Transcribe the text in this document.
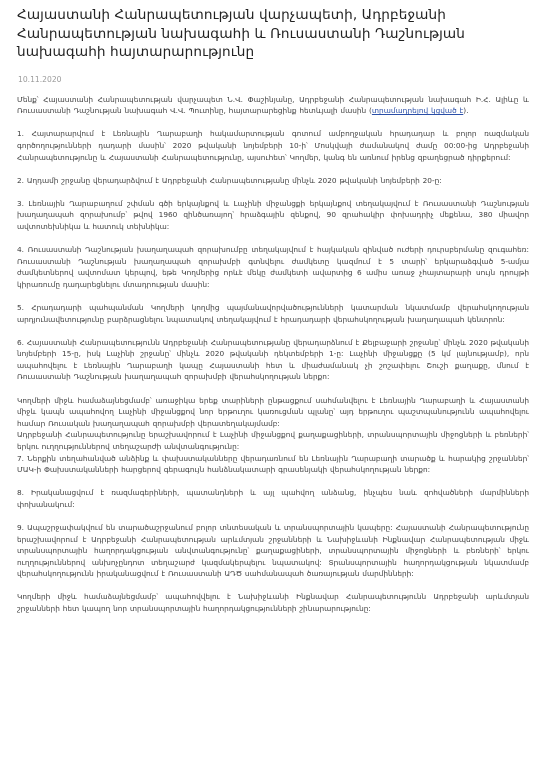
Հայաստանի Հանրապետության վարչապետի, Ադրբեջանի Հանրապետության նախագահի և Ռուսաստանի Դաշնության նախագահի հայտարարությունը
10.11.2020

Մենք՝ Հայաստանի Հանրապետության վարչապետ Ն.Վ. Փաշինյանը, Ադրբեջանի Հանրապետության նախագահ Ի.Հ. Ալիևը և Ռուսաստանի Դաշնության նախագահ Վ.Վ. Պուտինը, հայտարարեցինք հետևյալի մասին (տրամադրելով կցված է)․

1. Հայտարարվում է Լեռնային Ղարաբաղի հակամարտության գոտում ամբողջական հրադադար և բոլոր ռազմական գործողությունների դադարի մասին՝ 2020 թվականի նոյեմբերի 10-ի՝ Մոսկվայի ժամանակով ժամը 00:00-ից Ադրբեջանի Հանրապետությունը և Հայաստանի Հանրապետությունը, այսուհետ՝ Կողմեր, կանգ են առնում իրենց զբաղեցրած դիրքերում:

2. Աղդամի շրջանը վերադարձվում է Ադրբեջանի Հանրապետությանը մինչև 2020 թվականի նոյեմբերի 20-ը:

3. Լեռնային Ղարաբաղում շփման գծի երկայնքով և Լաչինի միջանցքի երկայնքով տեղակայվում է Ռուսաստանի Դաշնության խաղաղապահ զորախումբ՝ թվով 1960 զինծառայող՝ հրաձգային զենքով, 90 զրահակիր փոխադրիչ մեքենա, 380 միավոր ավտոտեխնիկա և հատուկ տեխնիկա:

4. Ռուսաստանի Դաշնության խաղաղապահ զորախումբը տեղակայվում է հայկական զինված ուժերի դուրսբերմանը զուգահեռ: Ռուսաստանի Դաշնության խաղաղապահ զորախմբի գտնվելու ժամկետը կազմում է 5 տարի՝ երկարաձգված 5-ամյա ժամկետներով ավտոմատ կերպով, եթե Կողմերից որևէ մեկը ժամկետի ավարտից 6 ամիս առաջ չհայտարարի սույն դրույթի կիրառումը դադարեցնելու մտադրության մասին:

5. Հրադադարի պահպանման Կողմերի կողմից պայմանավորվածությունների կատարման նկատմամբ վերահսկողության արդյունավետությունը բարձրացնելու նպատակով տեղակայվում է հրադադարի վերահսկողության խաղաղապահ կենտրոն:

6. Հայաստանի Հանրապետությունն Ադրբեջանի Հանրապետությանը վերադարձնում է Քելբաջարի շրջանը՝ մինչև 2020 թվականի նոյեմբերի 15-ը, իսկ Լաչինի շրջանը՝ մինչև 2020 թվականի դեկտեմբերի 1-ը: Լաչինի միջանցքը (5 կմ լայնությամբ), որն ապահովելու է Լեռնային Ղարաբաղի կապը Հայաստանի հետ և միաժամանակ չի շոշափելու Շուշի քաղաքը, մնում է Ռուսաստանի Դաշնության խաղաղապահ զորախմբի վերահսկողության ներքո:

Կողմերի միջև համաձայնեցմամբ՝ առաջիկա երեք տարիների ընթացքում սահմանվելու է Լեռնային Ղարաբաղի և Հայաստանի միջև կապն ապահովող Լաչինի միջանցքով նոր երթուղու կառուցման պլանը՝ այդ երթուղու պաշտպանությունն ապահովելու համար Ռուսական խաղաղապահ զորախմբի վերատեղակայմամբ:
Ադրբեջանի Հանրապետությունը երաշխավորում է Լաչինի միջանցքով քաղաքացիների, տրանսպորտային միջոցների և բեռների՝ երկու ուղղություններով տեղաշարժի անվտանգությունը:
7. Ներքին տեղահանված անձինք և փախստականները վերադառնում են Լեռնային Ղարաբաղի տարածք և հարակից շրջաններ՝ ՄԱԿ-ի Փախստականների հարցերով գերագույն հանձնակատարի գրասենյակի վերահսկողության ներքո:

8. Իրականացվում է ռազմագերիների, պատանդների և այլ պահվող անձանց, ինչպես նաև զոհվածների մարմինների փոխանակում:

9. Ապաշրջափակվում են տարածաշրջանում բոլոր տնտեսական և տրանսպորտային կապերը: Հայաստանի Հանրապետությունը երաշխավորում է Ադրբեջանի Հանրապետության արևմտյան շրջանների և Նախիջևանի Ինքնավար Հանրապետության միջև տրանսպորտային հաղորդակցության անվտանգությունը՝ քաղաքացիների, տրանսպորտային միջոցների և բեռների՝ երկու ուղղություններով անխոչընդոտ տեղաշարժ կազմակերպելու նպատակով: Տրանսպորտային հաղորդակցության նկատմամբ վերահսկողությունն իրականացվում է Ռուսաստանի ԱԴԾ սահմանապահ ծառայության մարմինների:

Կողմերի միջև համաձայնեցմամբ՝ ապահովվելու է Նախիջևանի Ինքնավար Հանրապետությունն Ադրբեջանի արևմտյան շրջանների հետ կապող նոր տրանսպորտային հաղորդակցությունների շինարարությունը:
